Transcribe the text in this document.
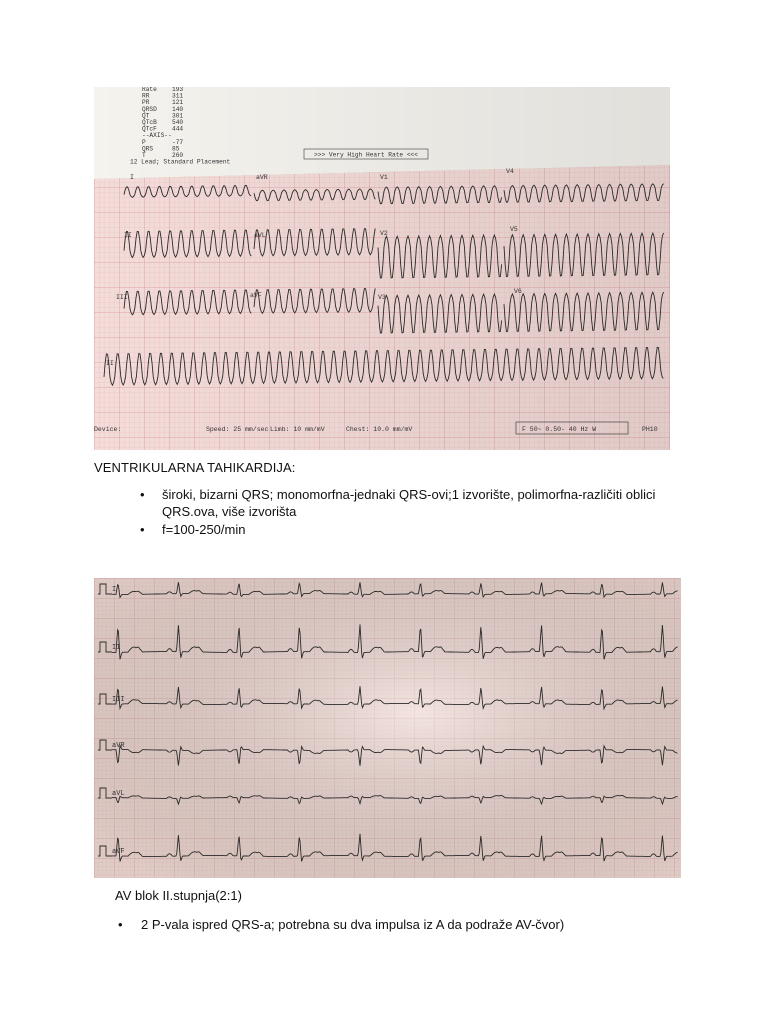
Rate 193
RR	311
PR	121
QRSD 140
QT	301
QTcB 540
QTcF 444
--AXIS--
P	-77
QRS	85
T	260
12 Lead; Standard Placement
>>> Very High Heart Rate <<<
I	aVR	V1
V4
II	aVL	V2
V5
III	aVF	V3
V6
II
Device:	Speed: 25 mm/sec Limb: 10 mm/mV	Chest: 10.0 mm/mV	F 50~ 0.50- 40 Hz W	PH10
VENTRIKULARNA TAHIKARDIJA:
• široki, bizarni QRS; monomorfna-jednaki QRS-ovi;1 izvorište, polimorfna-različiti oblici QRS.ova, više izvorišta
• f=100-250/min
I
II
III
aVR
aVL
aVF
AV blok II.stupnja(2:1)
• 2 P-vala ispred QRS-a; potrebna su dva impulsa iz A da podraže AV-čvor)
